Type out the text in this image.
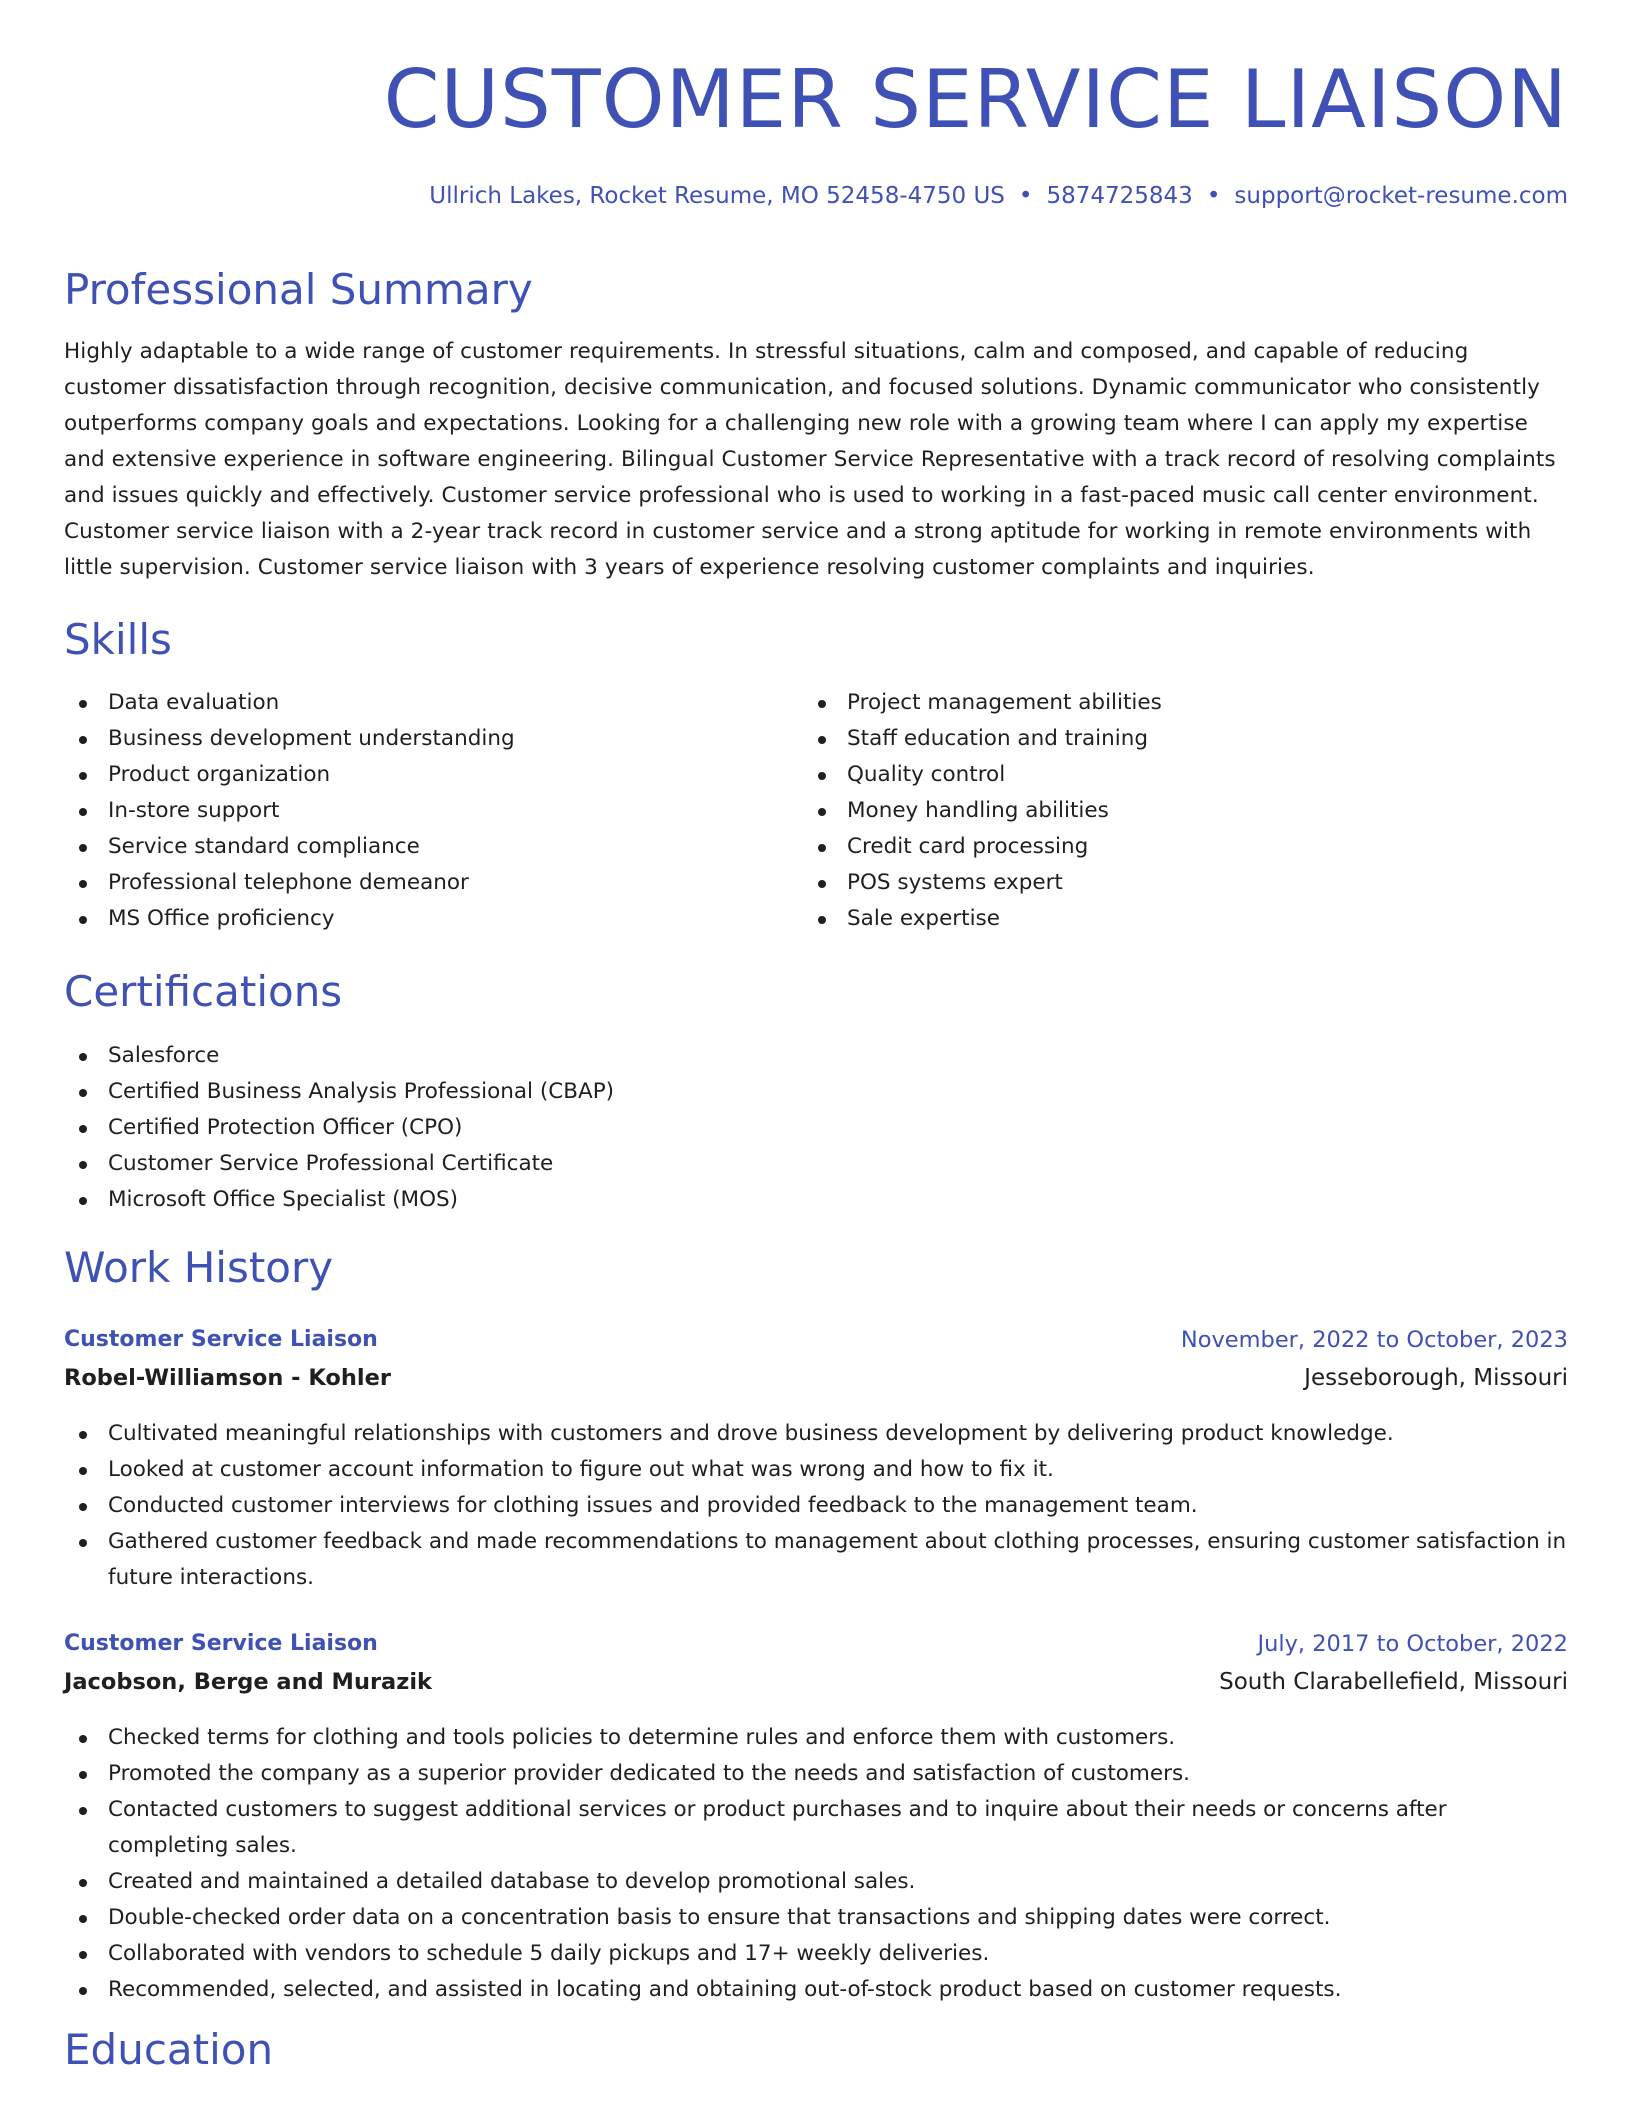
CUSTOMER SERVICE LIAISON
Ullrich Lakes, Rocket Resume, MO 52458-4750 US • 5874725843 • support@rocket-resume.com
Professional Summary

Highly adaptable to a wide range of customer requirements. In stressful situations, calm and composed, and capable of reducing customer dissatisfaction through recognition, decisive communication, and focused solutions. Dynamic communicator who consistently outperforms company goals and expectations. Looking for a challenging new role with a growing team where I can apply my expertise and extensive experience in software engineering. Bilingual Customer Service Representative with a track record of resolving complaints and issues quickly and effectively. Customer service professional who is used to working in a fast-paced music call center environment. Customer service liaison with a 2-year track record in customer service and a strong aptitude for working in remote environments with little supervision. Customer service liaison with 3 years of experience resolving customer complaints and inquiries.

Skills
Data evaluation
Business development understanding
Product organization
In-store support
Service standard compliance
Professional telephone demeanor
MS Office proficiency
Project management abilities
Staff education and training
Quality control
Money handling abilities
Credit card processing
POS systems expert
Sale expertise
Certifications
Salesforce
Certified Business Analysis Professional (CBAP)
Certified Protection Officer (CPO)
Customer Service Professional Certificate
Microsoft Office Specialist (MOS)
Work History
Customer Service Liaison	November, 2022 to October, 2023
Robel-Williamson - Kohler	Jesseborough, Missouri
Cultivated meaningful relationships with customers and drove business development by delivering product knowledge.
Looked at customer account information to figure out what was wrong and how to fix it.
Conducted customer interviews for clothing issues and provided feedback to the management team.
Gathered customer feedback and made recommendations to management about clothing processes, ensuring customer satisfaction in future interactions.
Customer Service Liaison	July, 2017 to October, 2022
Jacobson, Berge and Murazik	South Clarabellefield, Missouri
Checked terms for clothing and tools policies to determine rules and enforce them with customers.
Promoted the company as a superior provider dedicated to the needs and satisfaction of customers.
Contacted customers to suggest additional services or product purchases and to inquire about their needs or concerns after completing sales.
Created and maintained a detailed database to develop promotional sales.
Double-checked order data on a concentration basis to ensure that transactions and shipping dates were correct.
Collaborated with vendors to schedule 5 daily pickups and 17+ weekly deliveries.
Recommended, selected, and assisted in locating and obtaining out-of-stock product based on customer requests.
Education
